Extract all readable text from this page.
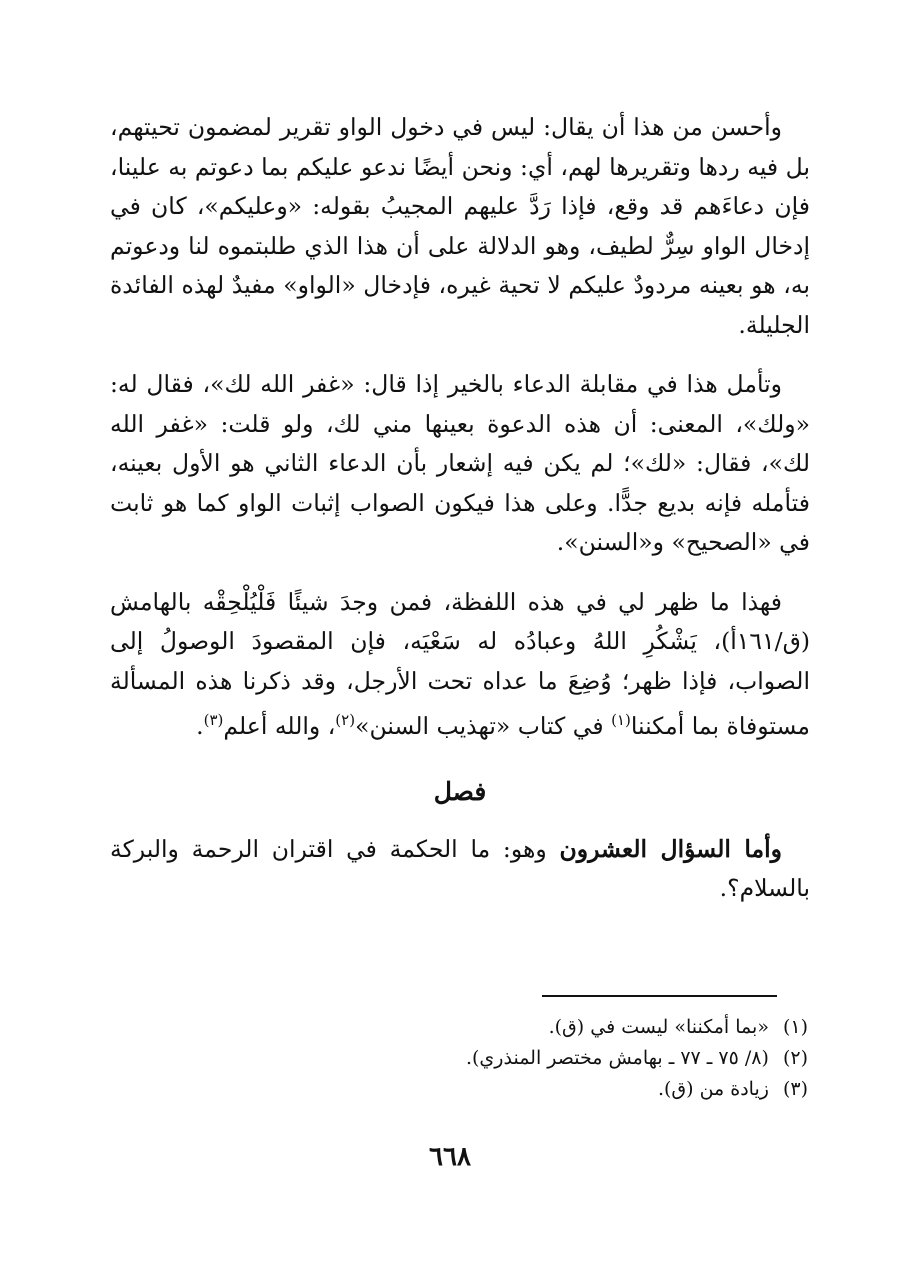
وأحسن من هذا أن يقال: ليس في دخول الواو تقرير لمضمون تحيتهم، بل فيه ردها وتقريرها لهم، أي: ونحن أيضًا ندعو عليكم بما دعوتم به علينا، فإن دعاءَهم قد وقع، فإذا رَدَّ عليهم المجيبُ بقوله: «وعليكم»، كان في إدخال الواو سِرٌّ لطيف، وهو الدلالة على أن هذا الذي طلبتموه لنا ودعوتم به، هو بعينه مردودٌ عليكم لا تحية غيره، فإدخال «الواو» مفيدٌ لهذه الفائدة الجليلة.

وتأمل هذا في مقابلة الدعاء بالخير إذا قال: «غفر الله لك»، فقال له: «ولك»، المعنى: أن هذه الدعوة بعينها مني لك، ولو قلت: «غفر الله لك»، فقال: «لك»؛ لم يكن فيه إشعار بأن الدعاء الثاني هو الأول بعينه، فتأمله فإنه بديع جدًّا. وعلى هذا فيكون الصواب إثبات الواو كما هو ثابت في «الصحيح» و«السنن».

فهذا ما ظهر لي في هذه اللفظة، فمن وجدَ شيئًا فَلْيُلْحِقْه بالهامش (ق/١٦١أ)، يَشْكُرِ اللهُ وعبادُه له سَعْيَه، فإن المقصودَ الوصولُ إلى الصواب، فإذا ظهر؛ وُضِعَ ما عداه تحت الأرجل، وقد ذكرنا هذه المسألة مستوفاة بما أمكننا$^{(١)}$ في كتاب «تهذيب السنن»$^{(٢)}$، والله أعلم$^{(٣)}$.

فصل

وأما السؤال العشرون وهو: ما الحكمة في اقتران الرحمة والبركة بالسلام؟.

(١)«بما أمكننا» ليست في (ق).

(٢)(٨/ ٧٥ ـ ٧٧ ـ بهامش مختصر المنذري).

(٣)زيادة من (ق).

٦٦٨
